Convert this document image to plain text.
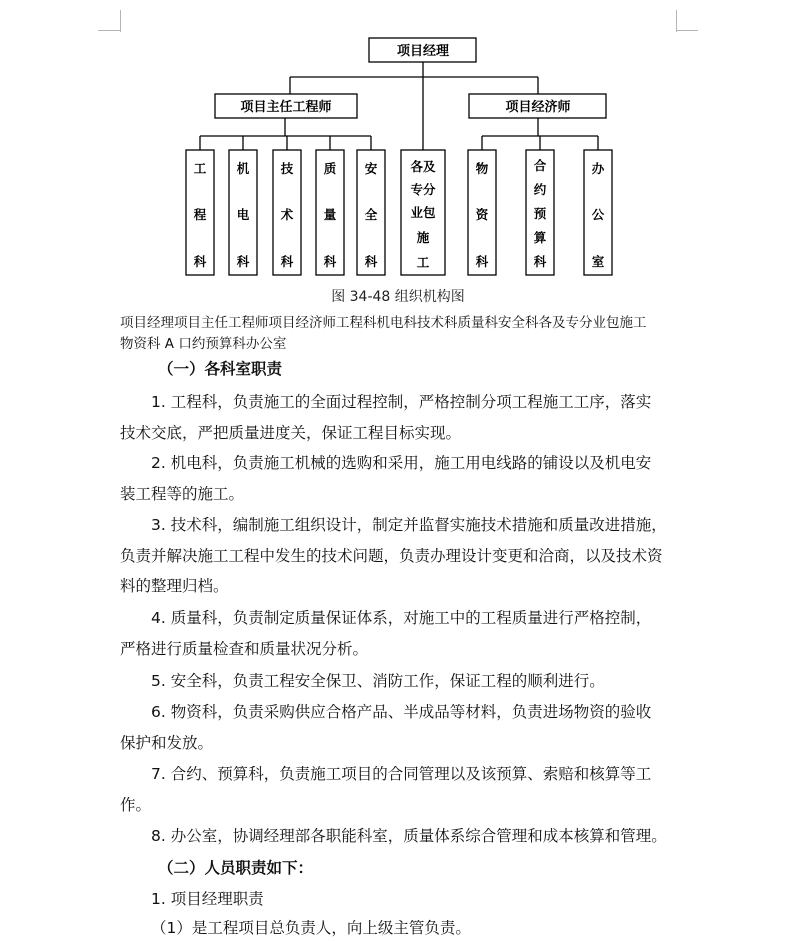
项目经理
项目主任工程师	项目经济师
工
程
科
机
电
科
技
术
科
质
量
科
安
全
科
各及
专分
业包
施
工
物
资
科
合
约
预
算
科
办
公
室
图 34-48 组织机构图
项目经理项目主任工程师项目经济师工程科机电科技术科质量科安全科各及专分业包施工
物资科 A 口约预算科办公室
（一）各科室职责
1. 工程科，负责施工的全面过程控制，严格控制分项工程施工工序，落实
技术交底，严把质量进度关，保证工程目标实现。
2. 机电科，负责施工机械的选购和采用，施工用电线路的铺设以及机电安
装工程等的施工。
3. 技术科，编制施工组织设计，制定并监督实施技术措施和质量改进措施，
负责并解决施工工程中发生的技术问题，负责办理设计变更和洽商，以及技术资
料的整理归档。
4. 质量科，负责制定质量保证体系，对施工中的工程质量进行严格控制，
严格进行质量检查和质量状况分析。
5. 安全科，负责工程安全保卫、消防工作，保证工程的顺利进行。
6. 物资科，负责采购供应合格产品、半成品等材料，负责进场物资的验收
保护和发放。
7. 合约、预算科，负责施工项目的合同管理以及该预算、索赔和核算等工
作。
8. 办公室，协调经理部各职能科室，质量体系综合管理和成本核算和管理。
（二）人员职责如下：
1. 项目经理职责
（1）是工程项目总负责人，向上级主管负责。
